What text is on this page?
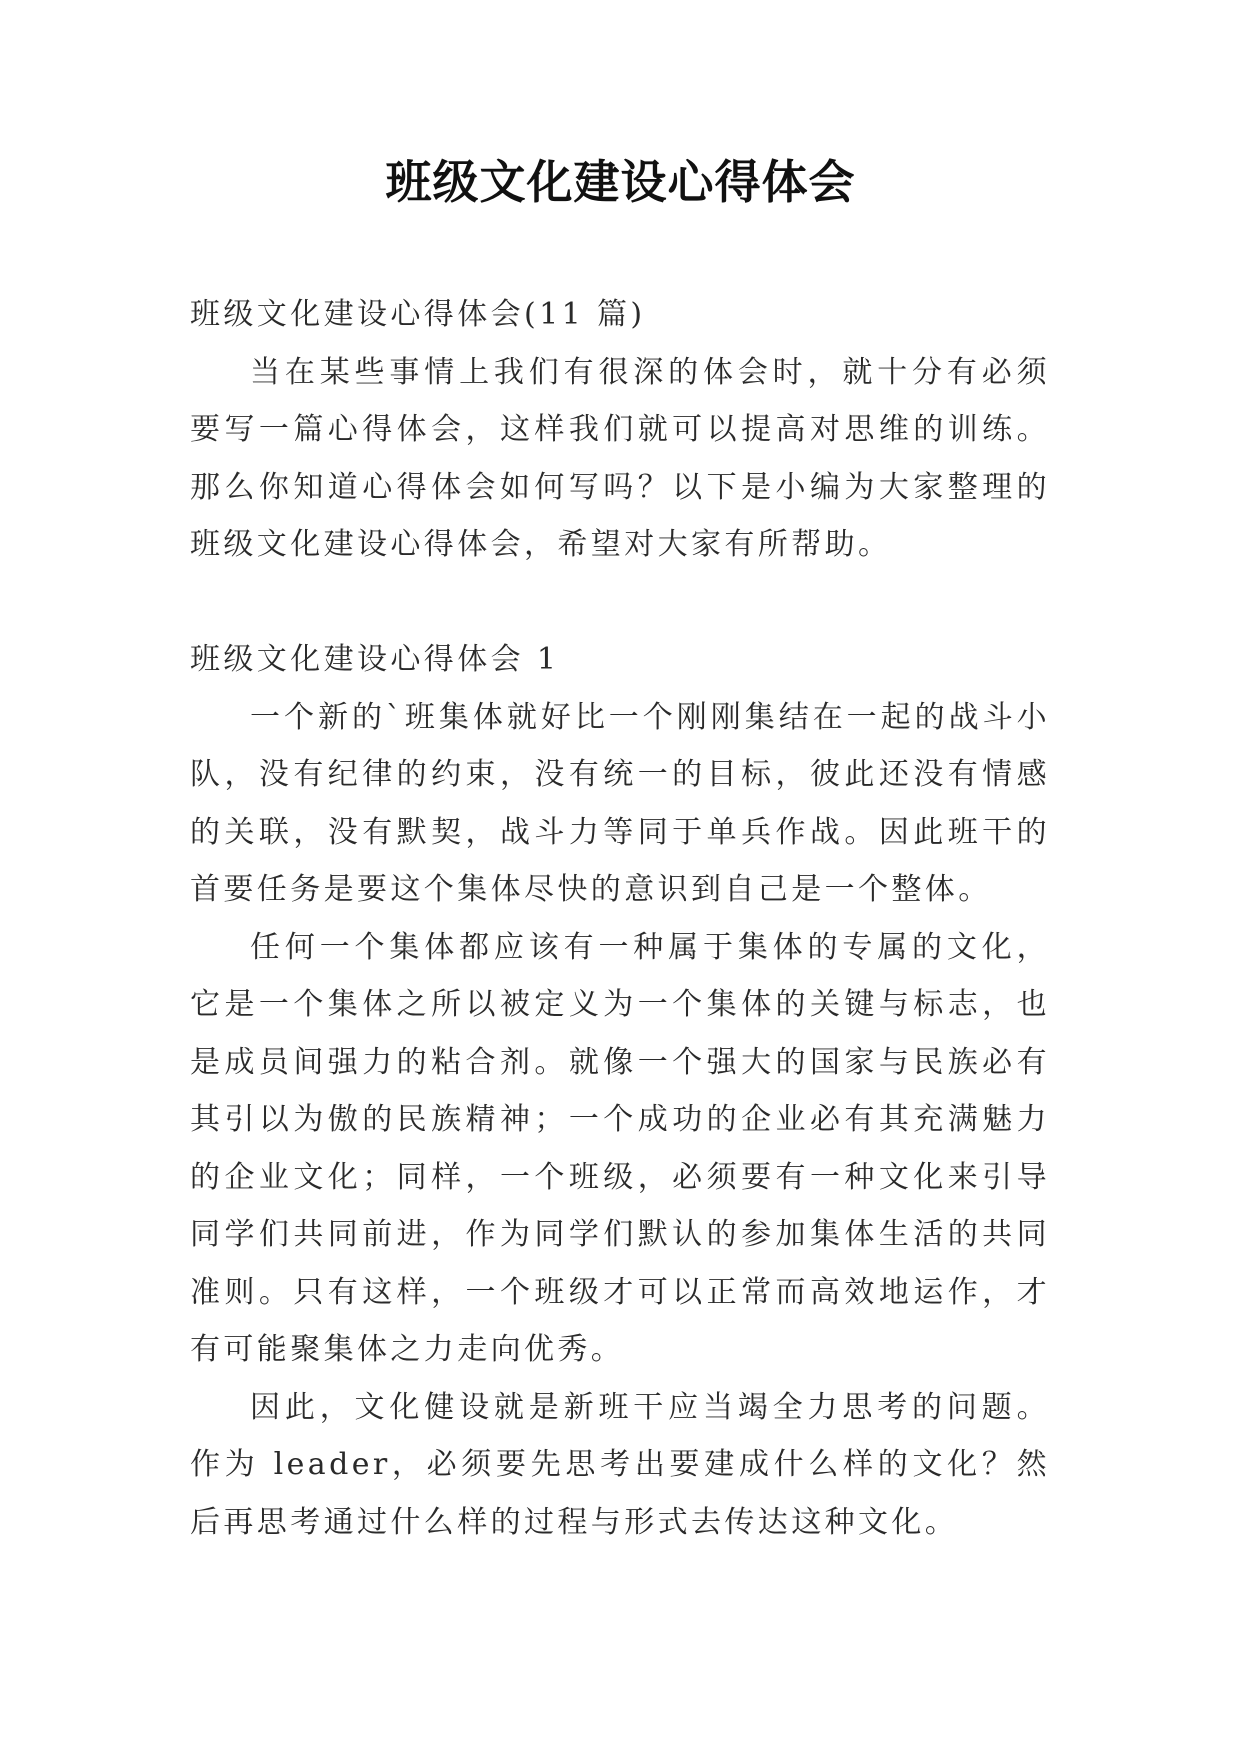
班级文化建设心得体会

班级文化建设心得体会(11 篇)

当在某些事情上我们有很深的体会时，就十分有必须要写一篇心得体会，这样我们就可以提高对思维的训练。那么你知道心得体会如何写吗？以下是小编为大家整理的班级文化建设心得体会，希望对大家有所帮助。

班级文化建设心得体会 1

一个新的`班集体就好比一个刚刚集结在一起的战斗小队，没有纪律的约束，没有统一的目标，彼此还没有情感的关联，没有默契，战斗力等同于单兵作战。因此班干的首要任务是要这个集体尽快的意识到自己是一个整体。

任何一个集体都应该有一种属于集体的专属的文化，它是一个集体之所以被定义为一个集体的关键与标志，也是成员间强力的粘合剂。就像一个强大的国家与民族必有其引以为傲的民族精神；一个成功的企业必有其充满魅力的企业文化；同样，一个班级，必须要有一种文化来引导同学们共同前进，作为同学们默认的参加集体生活的共同准则。只有这样，一个班级才可以正常而高效地运作，才有可能聚集体之力走向优秀。

因此，文化健设就是新班干应当竭全力思考的问题。作为 leader，必须要先思考出要建成什么样的文化？然后再思考通过什么样的过程与形式去传达这种文化。
